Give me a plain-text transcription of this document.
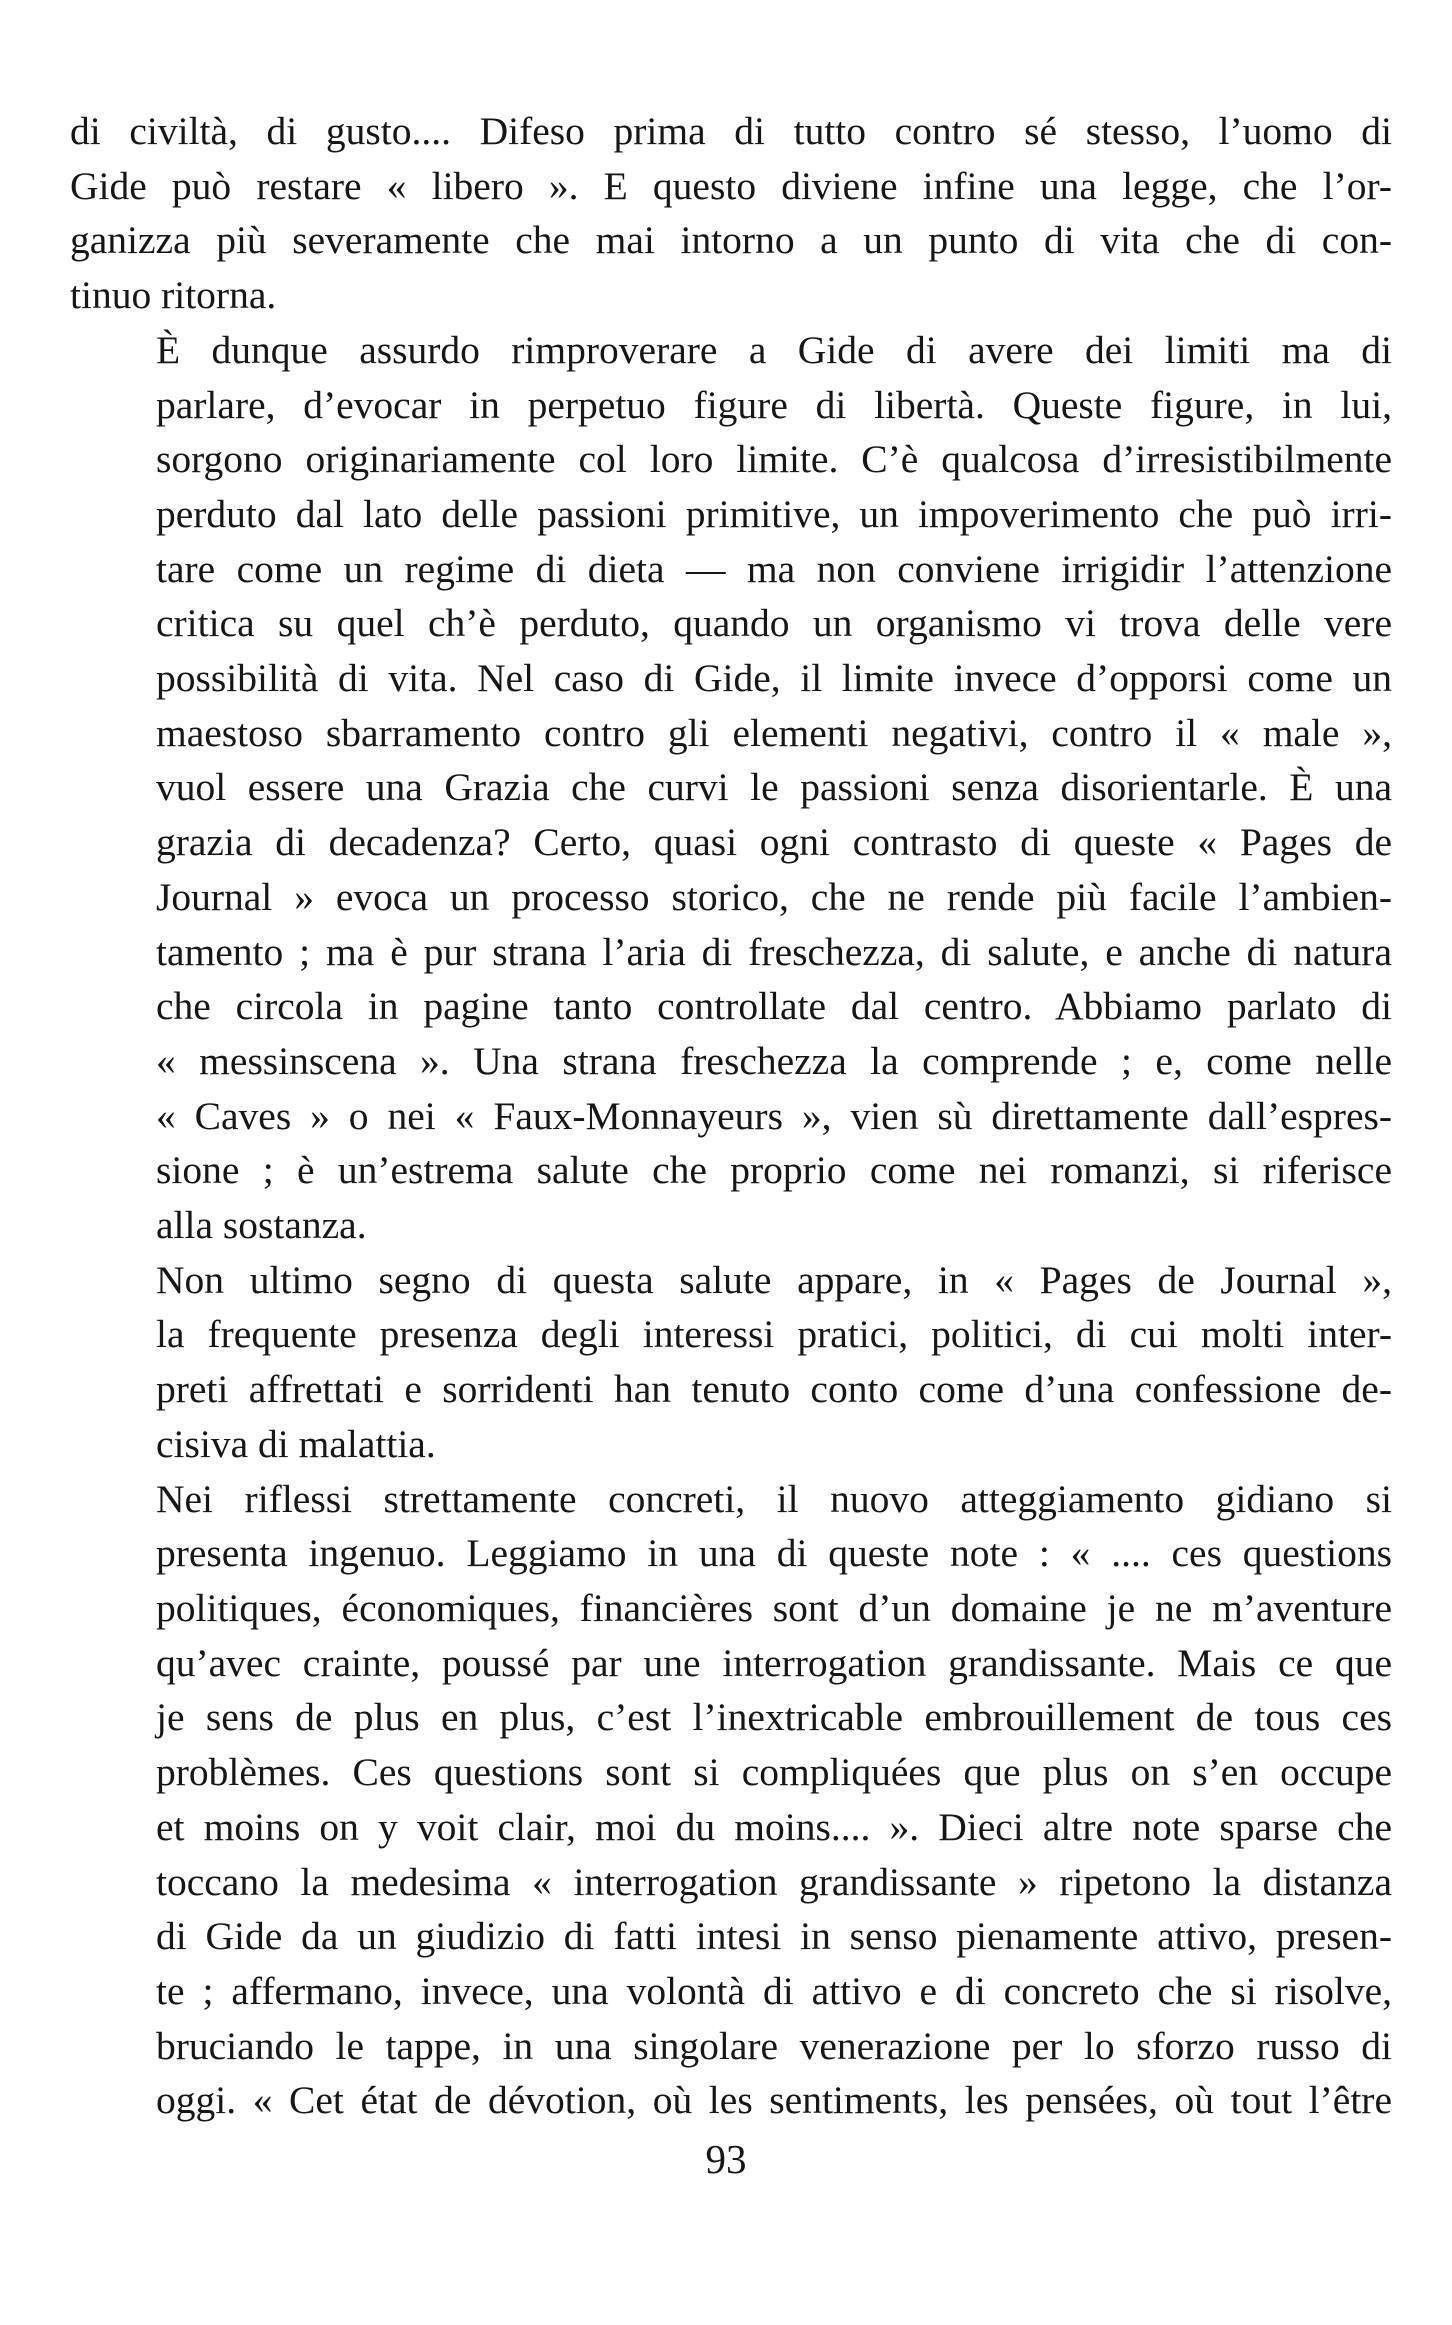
di civiltà, di gusto.... Difeso prima di tutto contro sé stesso, l’uomo di
Gide può restare « libero ». E questo diviene infine una legge, che l’or-
ganizza più severamente che mai intorno a un punto di vita che di con-
tinuo ritorna.

È dunque assurdo rimproverare a Gide di avere dei limiti ma di
parlare, d’evocar in perpetuo figure di libertà. Queste figure, in lui,
sorgono originariamente col loro limite. C’è qualcosa d’irresistibilmente
perduto dal lato delle passioni primitive, un impoverimento che può irri-
tare come un regime di dieta — ma non conviene irrigidir l’attenzione
critica su quel ch’è perduto, quando un organismo vi trova delle vere
possibilità di vita. Nel caso di Gide, il limite invece d’opporsi come un
maestoso sbarramento contro gli elementi negativi, contro il « male »,
vuol essere una Grazia che curvi le passioni senza disorientarle. È una
grazia di decadenza? Certo, quasi ogni contrasto di queste « Pages de
Journal » evoca un processo storico, che ne rende più facile l’ambien-
tamento ; ma è pur strana l’aria di freschezza, di salute, e anche di natura
che circola in pagine tanto controllate dal centro. Abbiamo parlato di
« messinscena ». Una strana freschezza la comprende ; e, come nelle
« Caves » o nei « Faux-Monnayeurs », vien sù direttamente dall’espres-
sione ; è un’estrema salute che proprio come nei romanzi, si riferisce
alla sostanza.

Non ultimo segno di questa salute appare, in « Pages de Journal »,
la frequente presenza degli interessi pratici, politici, di cui molti inter-
preti affrettati e sorridenti han tenuto conto come d’una confessione de-
cisiva di malattia.

Nei riflessi strettamente concreti, il nuovo atteggiamento gidiano si
presenta ingenuo. Leggiamo in una di queste note : « .... ces questions
politiques, économiques, financières sont d’un domaine je ne m’aventure
qu’avec crainte, poussé par une interrogation grandissante. Mais ce que
je sens de plus en plus, c’est l’inextricable embrouillement de tous ces
problèmes. Ces questions sont si compliquées que plus on s’en occupe
et moins on y voit clair, moi du moins.... ». Dieci altre note sparse che
toccano la medesima « interrogation grandissante » ripetono la distanza
di Gide da un giudizio di fatti intesi in senso pienamente attivo, presen-
te ; affermano, invece, una volontà di attivo e di concreto che si risolve,
bruciando le tappe, in una singolare venerazione per lo sforzo russo di
oggi. « Cet état de dévotion, où les sentiments, les pensées, où tout l’être

93
